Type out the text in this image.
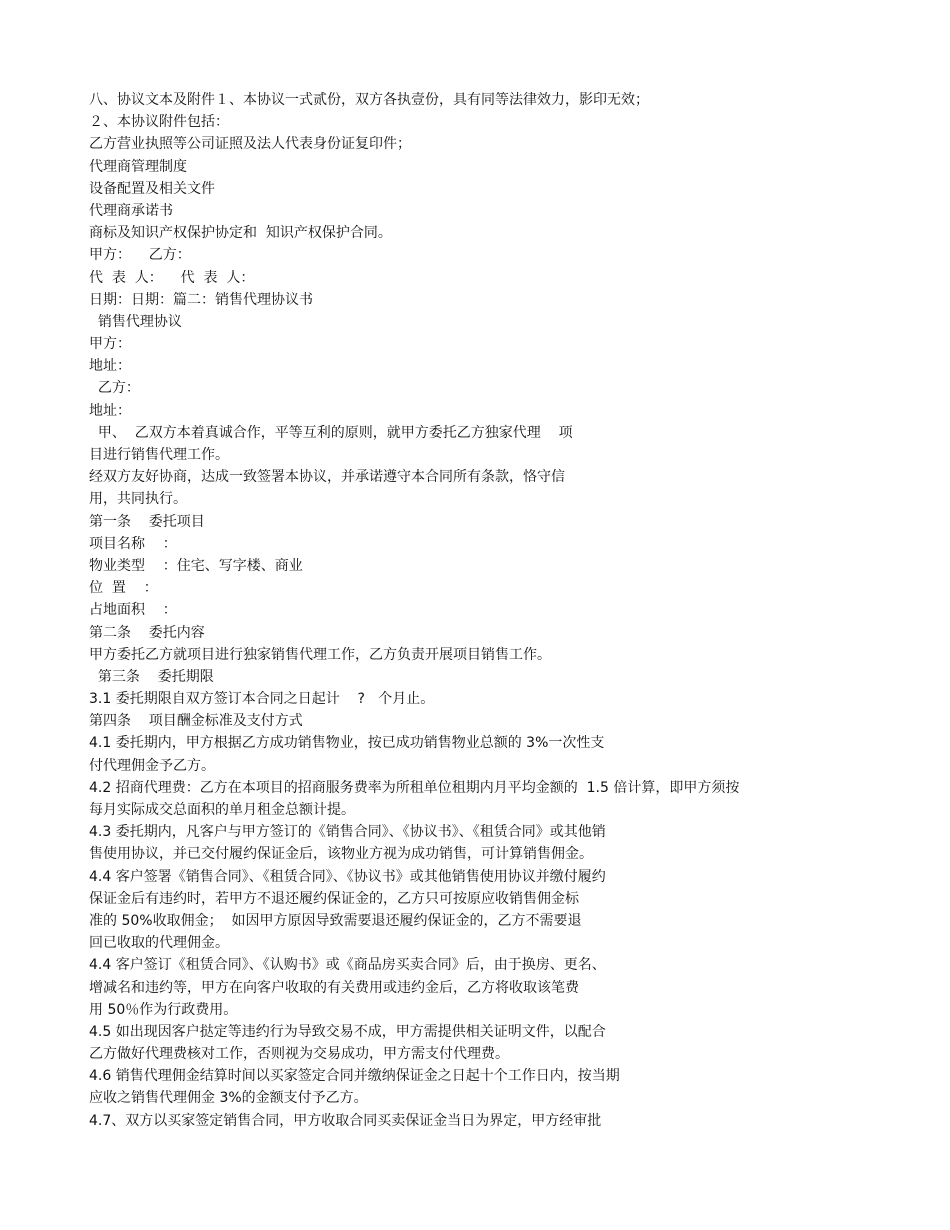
八、协议文本及附件１、本协议一式贰份，双方各执壹份，具有同等法律效力，影印无效；
２、本协议附件包括：
乙方营业执照等公司证照及法人代表身份证复印件；
代理商管理制度
设备配置及相关文件
代理商承诺书
商标及知识产权保护协定和  知识产权保护合同。
甲方：    乙方：
代  表  人：    代  表  人：
日期：日期：篇二：销售代理协议书
销售代理协议
甲方：
地址：
乙方：
地址：
甲、  乙双方本着真诚合作，平等互利的原则，就甲方委托乙方独家代理    项
目进行销售代理工作。
经双方友好协商，达成一致签署本协议，并承诺遵守本合同所有条款，恪守信
用，共同执行。
第一条    委托项目
项目名称    ：
物业类型    ：住宅、写字楼、商业
位  置    ：
占地面积    ：
第二条    委托内容
甲方委托乙方就项目进行独家销售代理工作，乙方负责开展项目销售工作。
第三条    委托期限
3.1 委托期限自双方签订本合同之日起计    ?   个月止。
第四条    项目酬金标准及支付方式
4.1 委托期内，甲方根据乙方成功销售物业，按已成功销售物业总额的 3%一次性支
付代理佣金予乙方。
4.2 招商代理费：乙方在本项目的招商服务费率为所租单位租期内月平均金额的  1.5 倍计算，即甲方须按
每月实际成交总面积的单月租金总额计提。
4.3 委托期内，凡客户与甲方签订的《销售合同》、《协议书》、《租赁合同》或其他销
售使用协议，并已交付履约保证金后，该物业方视为成功销售，可计算销售佣金。
4.4 客户签署《销售合同》、《租赁合同》、《协议书》或其他销售使用协议并缴付履约
保证金后有违约时，若甲方不退还履约保证金的，乙方只可按原应收销售佣金标
准的 50%收取佣金；  如因甲方原因导致需要退还履约保证金的，乙方不需要退
回已收取的代理佣金。
4.4 客户签订《租赁合同》、《认购书》或《商品房买卖合同》后，由于换房、更名、
增减名和违约等，甲方在向客户收取的有关费用或违约金后，乙方将收取该笔费
用 50％作为行政费用。
4.5 如出现因客户挞定等违约行为导致交易不成，甲方需提供相关证明文件，以配合
乙方做好代理费核对工作，否则视为交易成功，甲方需支付代理费。
4.6 销售代理佣金结算时间以买家签定合同并缴纳保证金之日起十个工作日内，按当期
应收之销售代理佣金 3%的金额支付予乙方。
4.7、双方以买家签定销售合同，甲方收取合同买卖保证金当日为界定，甲方经审批
